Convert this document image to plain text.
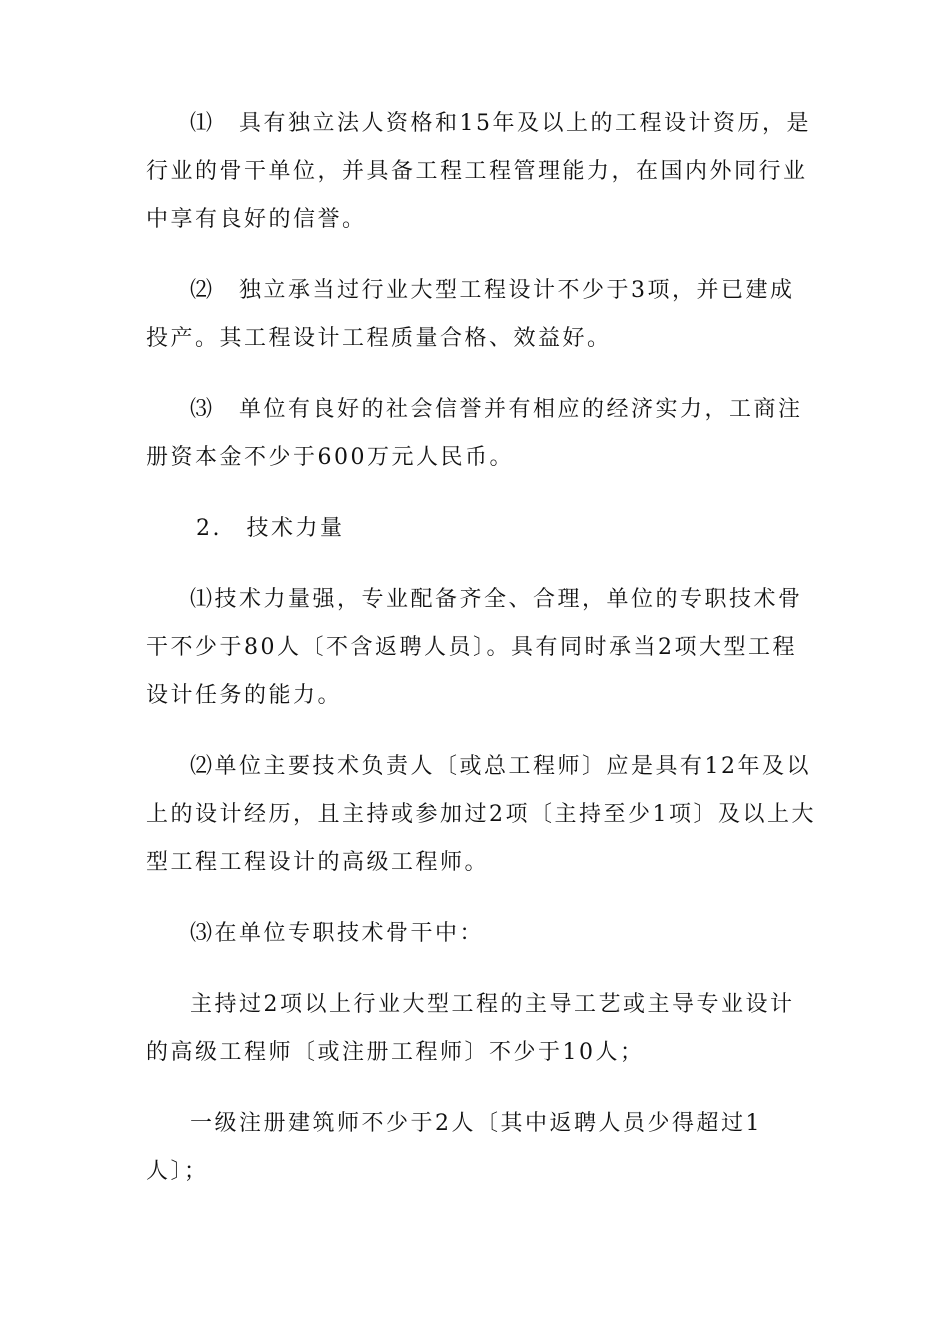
⑴　具有独立法人资格和15年及以上的工程设计资历，是行业的骨干单位，并具备工程工程管理能力，在国内外同行业中享有良好的信誉。

⑵　独立承当过行业大型工程设计不少于3项，并已建成投产。其工程设计工程质量合格、效益好。

⑶　单位有良好的社会信誉并有相应的经济实力，工商注册资本金不少于600万元人民币。

2.　技术力量

⑴技术力量强，专业配备齐全、合理，单位的专职技术骨干不少于80人〔不含返聘人员〕。具有同时承当2项大型工程设计任务的能力。

⑵单位主要技术负责人〔或总工程师〕应是具有12年及以上的设计经历，且主持或参加过2项〔主持至少1项〕及以上大型工程工程设计的高级工程师。

⑶在单位专职技术骨干中：

主持过2项以上行业大型工程的主导工艺或主导专业设计的高级工程师〔或注册工程师〕不少于10人；

一级注册建筑师不少于2人〔其中返聘人员少得超过1人〕；
